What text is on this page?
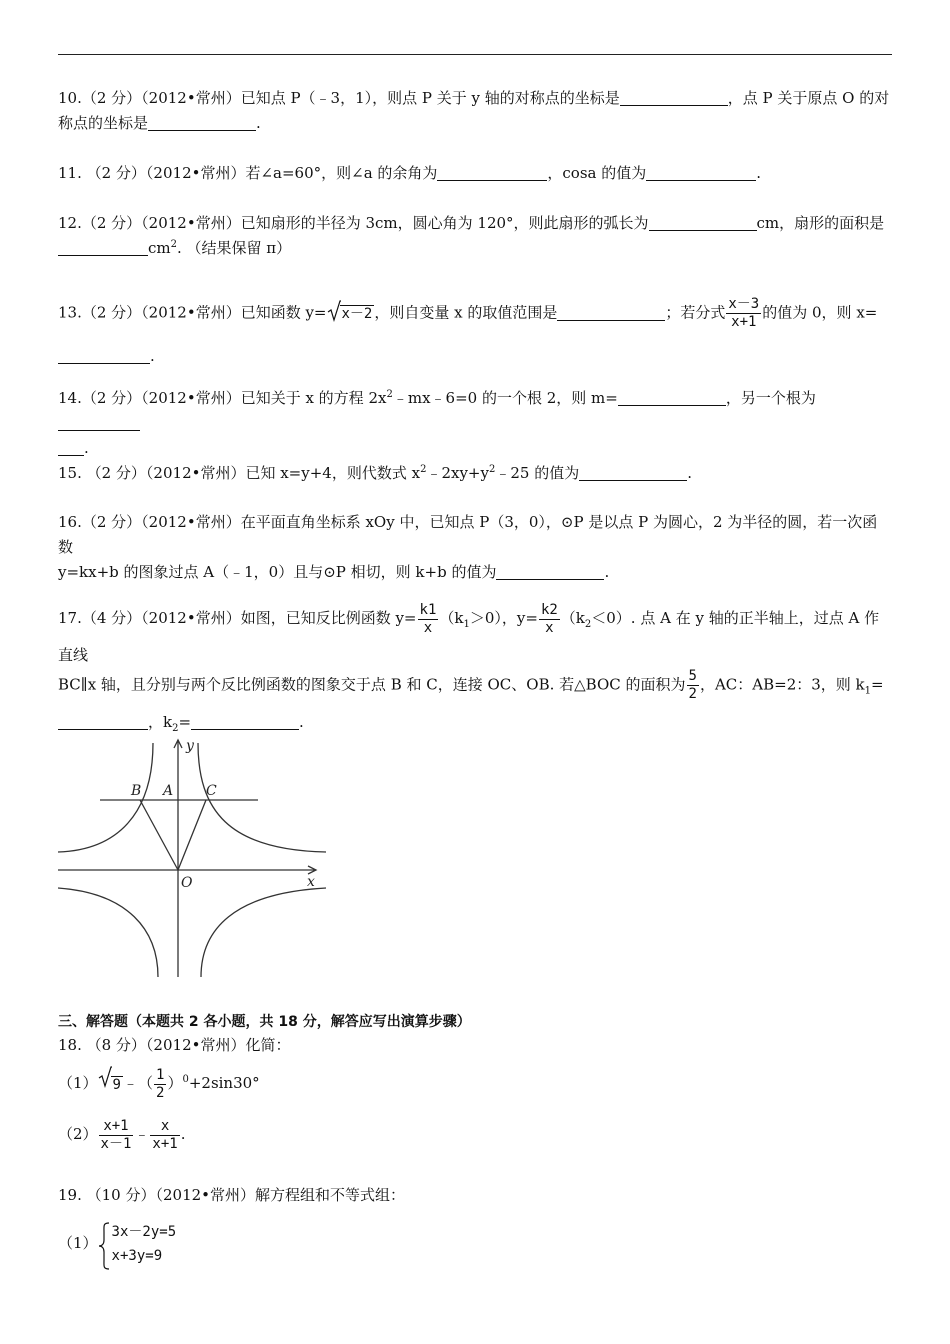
10.（2 分）（2012•常州）已知点 P（﹣3，1），则点 P 关于 y 轴的对称点的坐标是	，点 P 关于原点 O 的对
称点的坐标是	.
11. （2 分）（2012•常州）若∠a=60°，则∠a 的余角为	，cosa 的值为	.
12.（2 分）（2012•常州）已知扇形的半径为 3cm，圆心角为 120°，则此扇形的弧长为	cm，扇形的面积是
$cm^2$. （结果保留 π）
13.（2 分）（2012•常州）已知函数 y= x－2 ，则自变量 x 的取值范围是	；若分式 $\frac{x-3}{x+1}$ 的值为 0，则 x=
.
14.（2 分）（2012•常州）已知关于 x 的方程 $2x^2﹣mx﹣6=0$ 的一个根 2，则 m=	，另一个根为
.
15. （2 分）（2012•常州）已知 x=y+4，则代数式 $x^2﹣2xy+y^2﹣25$ 的值为	.
16.（2 分）（2012•常州）在平面直角坐标系 xOy 中，已知点 P（3，0），⊙P 是以点 P 为圆心，2 为半径的圆，若一次函数
y=kx+b 的图象过点 A（﹣1，0）且与⊙P 相切，则 k+b 的值为	.
17.（4 分）（2012•常州）如图，已知反比例函数 $y= \frac{k1}{x} (k_1>0)$，$y= \frac{k2}{x} (k_2<0)$. 点 A 在 y 轴的正半轴上，过点 A 作直线
BC∥x 轴，且分别与两个反比例函数的图象交于点 B 和 C，连接 OC、OB. 若△BOC 的面积为 $\frac{5}{2}$ ，AC：AB=2：3，则 $k_1=$
，$k_2=$	.
y
x
O
A
B	C
三、解答题（本题共 2 各小题，共 18 分，解答应写出演算步骤）
18. （8 分）（2012•常州）化简：
（1） 9 ﹣（ $\frac{1}{2} )^0+2\sin 30^\circ$
$(2) \frac{x+1}{x-1}$ ﹣ $\frac{x}{x+1}$ .
19. （10 分）（2012•常州）解方程组和不等式组：
（1）
3x－2y=5
x+3y=9
